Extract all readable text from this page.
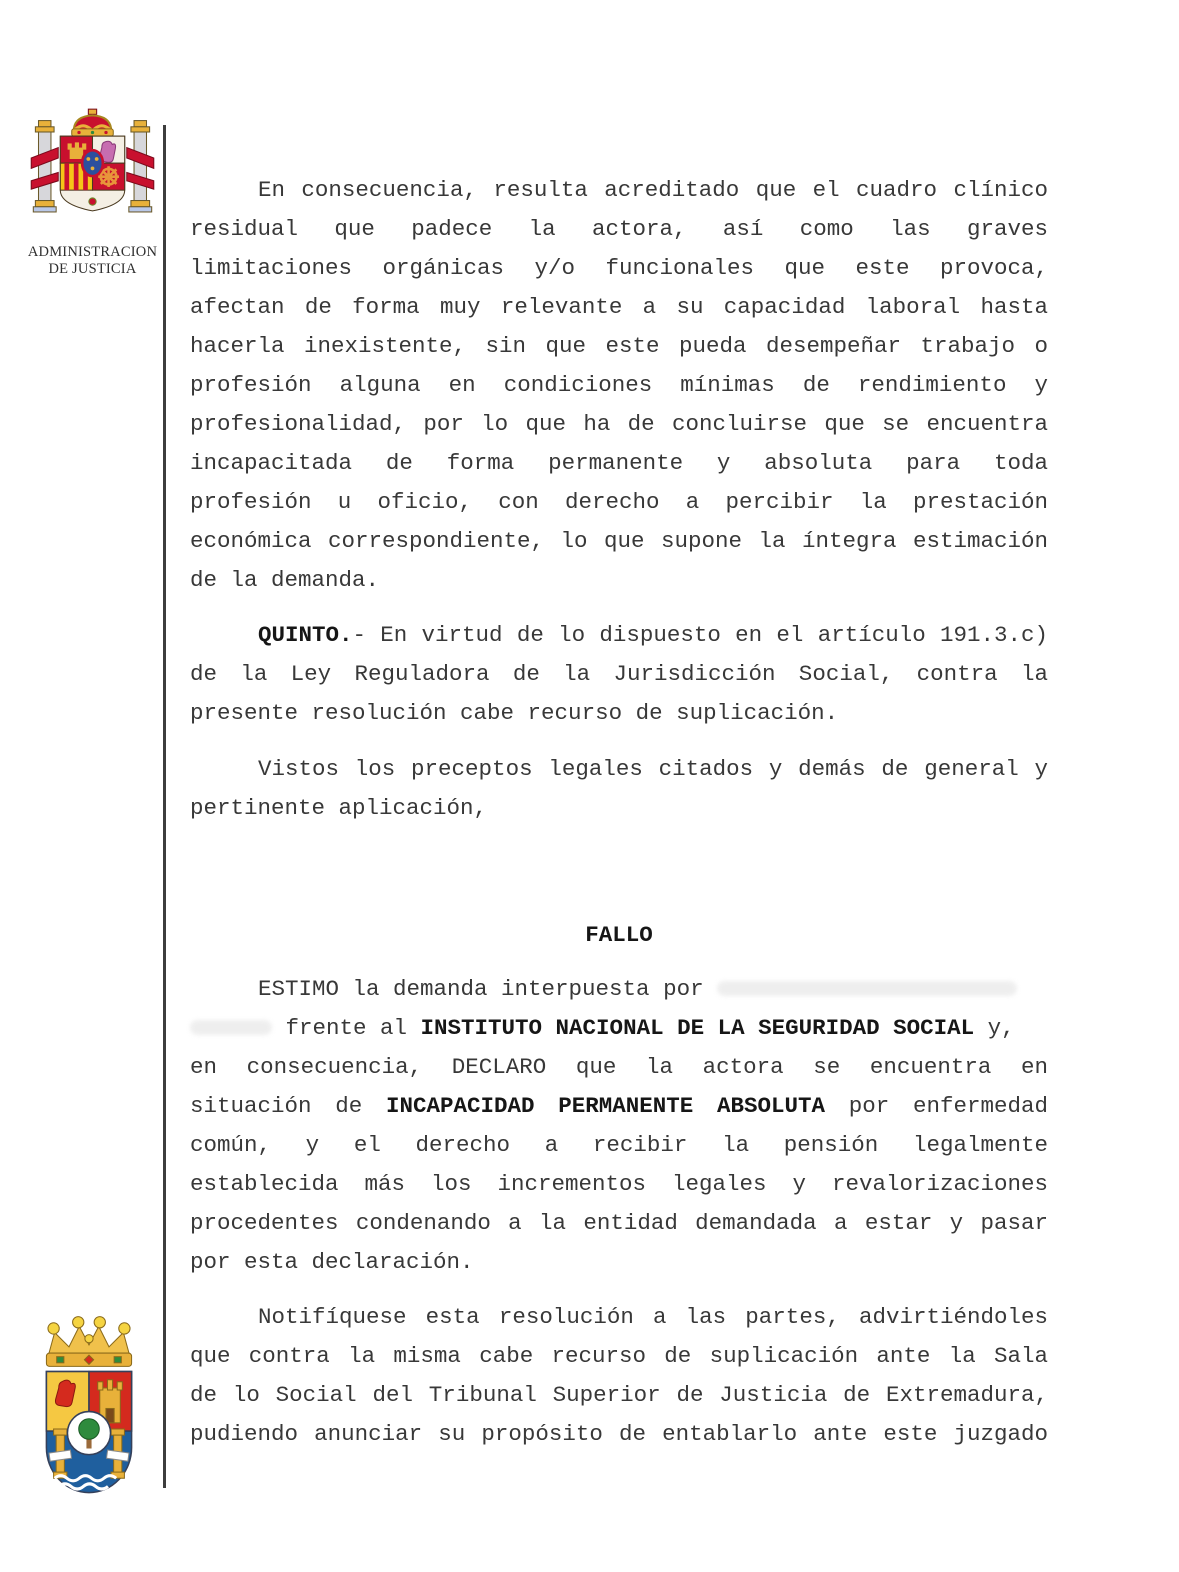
ADMINISTRACION
DE JUSTICIA
En consecuencia, resulta acreditado que el cuadro clínico
residual que padece la actora, así como las graves
limitaciones orgánicas y/o funcionales que este provoca,
afectan de forma muy relevante a su capacidad laboral hasta
hacerla inexistente, sin que este pueda desempeñar trabajo o
profesión alguna en condiciones mínimas de rendimiento y
profesionalidad, por lo que ha de concluirse que se encuentra
incapacitada de forma permanente y absoluta para toda
profesión u oficio, con derecho a percibir la prestación
económica correspondiente, lo que supone la íntegra estimación
de la demanda.
QUINTO.- En virtud de lo dispuesto en el artículo 191.3.c)
de la Ley Reguladora de la Jurisdicción Social, contra la
presente resolución cabe recurso de suplicación.
Vistos los preceptos legales citados y demás de general y
pertinente aplicación,
FALLO
ESTIMO la demanda interpuesta por
frente al INSTITUTO NACIONAL DE LA SEGURIDAD SOCIAL y,
en consecuencia, DECLARO que la actora se encuentra en
situación de INCAPACIDAD PERMANENTE ABSOLUTA por enfermedad
común, y el derecho a recibir la pensión legalmente
establecida más los incrementos legales y revalorizaciones
procedentes condenando a la entidad demandada a estar y pasar
por esta declaración.
Notifíquese esta resolución a las partes, advirtiéndoles
que contra la misma cabe recurso de suplicación ante la Sala
de lo Social del Tribunal Superior de Justicia de Extremadura,
pudiendo anunciar su propósito de entablarlo ante este juzgado
